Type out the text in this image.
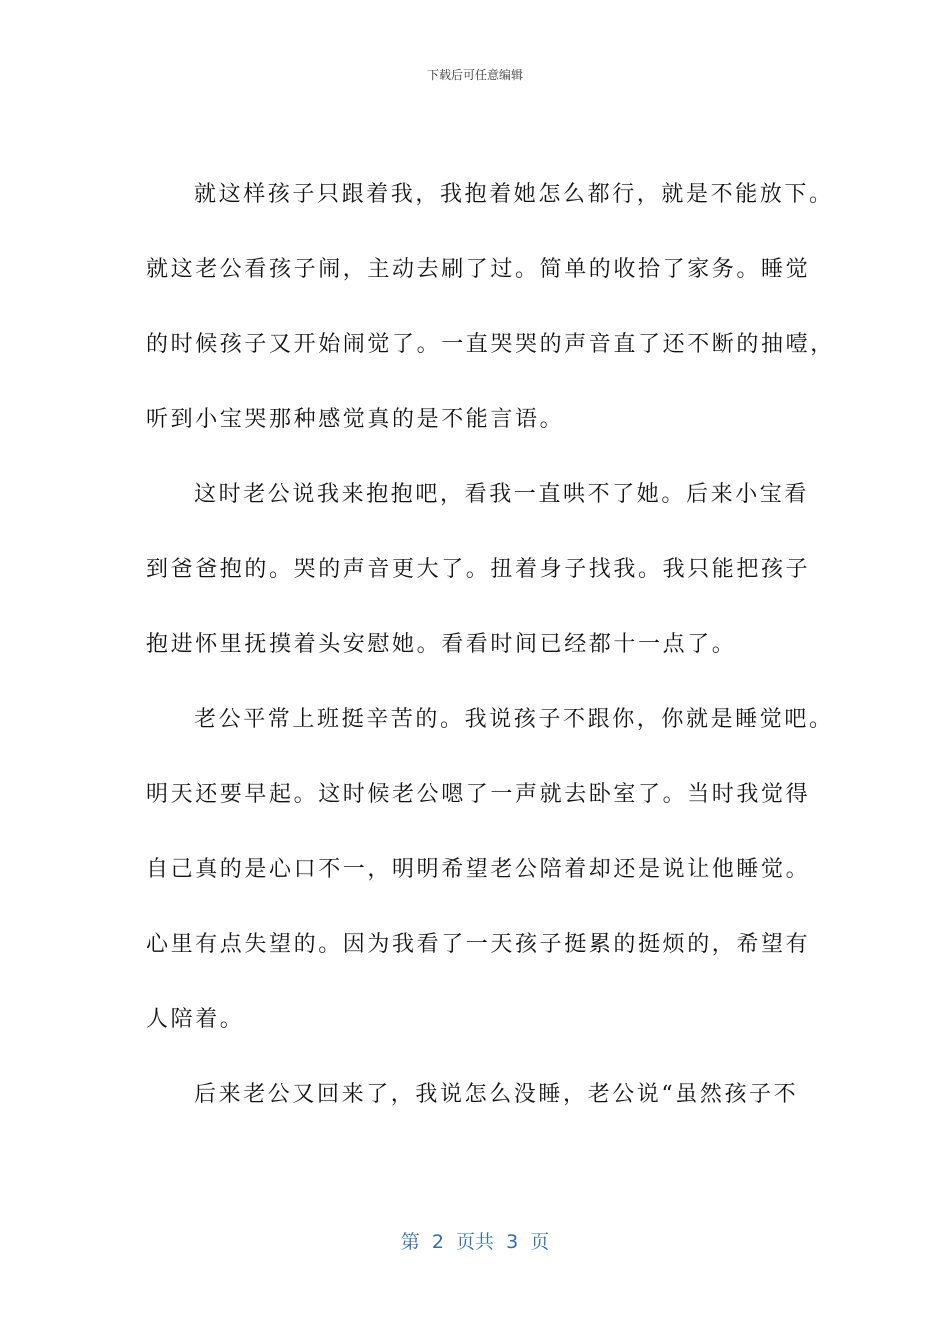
下载后可任意编辑
就这样孩子只跟着我，我抱着她怎么都行，就是不能放下。
就这老公看孩子闹，主动去刷了过。简单的收拾了家务。睡觉
的时候孩子又开始闹觉了。一直哭哭的声音直了还不断的抽噎，
听到小宝哭那种感觉真的是不能言语。
这时老公说我来抱抱吧，看我一直哄不了她。后来小宝看
到爸爸抱的。哭的声音更大了。扭着身子找我。我只能把孩子
抱进怀里抚摸着头安慰她。看看时间已经都十一点了。
老公平常上班挺辛苦的。我说孩子不跟你，你就是睡觉吧。
明天还要早起。这时候老公嗯了一声就去卧室了。当时我觉得
自己真的是心口不一，明明希望老公陪着却还是说让他睡觉。
心里有点失望的。因为我看了一天孩子挺累的挺烦的，希望有
人陪着。
后来老公又回来了，我说怎么没睡，老公说“虽然孩子不
第  2  页共  3  页
